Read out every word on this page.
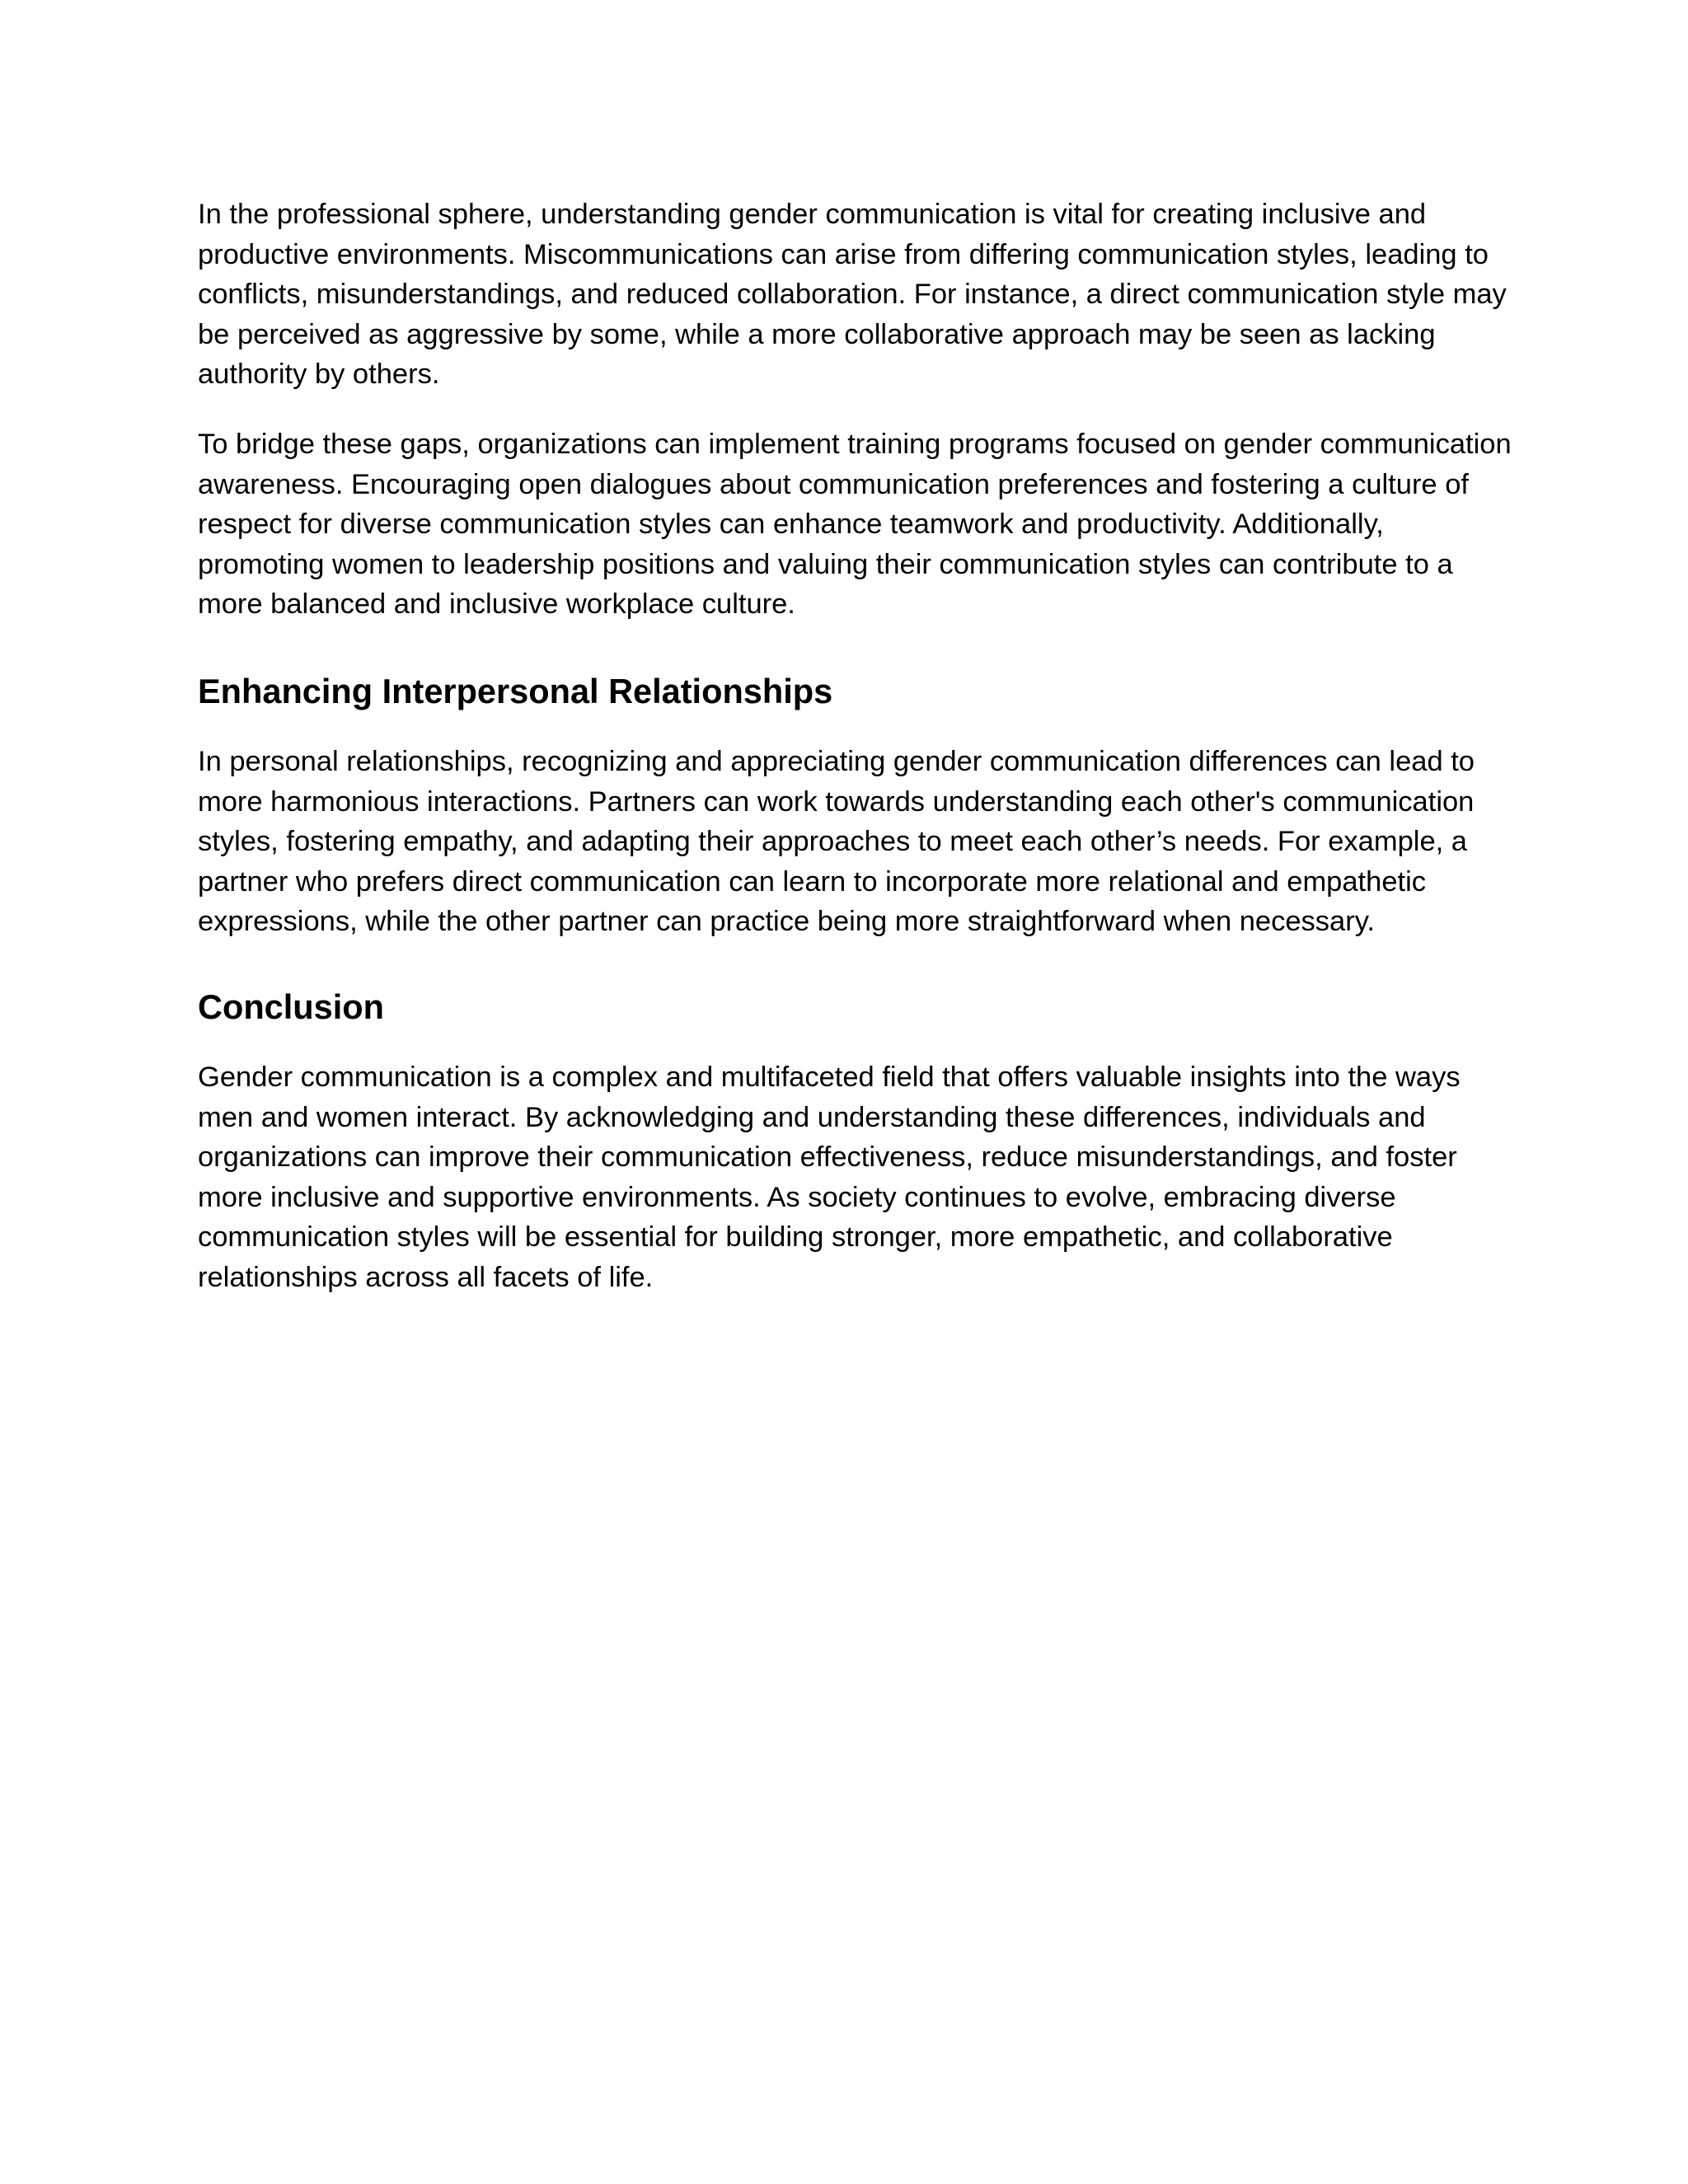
In the professional sphere, understanding gender communication is vital for creating inclusive and productive environments. Miscommunications can arise from differing communication styles, leading to conflicts, misunderstandings, and reduced collaboration. For instance, a direct communication style may be perceived as aggressive by some, while a more collaborative approach may be seen as lacking authority by others.

To bridge these gaps, organizations can implement training programs focused on gender communication awareness. Encouraging open dialogues about communication preferences and fostering a culture of respect for diverse communication styles can enhance teamwork and productivity. Additionally, promoting women to leadership positions and valuing their communication styles can contribute to a more balanced and inclusive workplace culture.

Enhancing Interpersonal Relationships

In personal relationships, recognizing and appreciating gender communication differences can lead to more harmonious interactions. Partners can work towards understanding each other's communication styles, fostering empathy, and adapting their approaches to meet each other’s needs. For example, a partner who prefers direct communication can learn to incorporate more relational and empathetic expressions, while the other partner can practice being more straightforward when necessary.

Conclusion

Gender communication is a complex and multifaceted field that offers valuable insights into the ways men and women interact. By acknowledging and understanding these differences, individuals and organizations can improve their communication effectiveness, reduce misunderstandings, and foster more inclusive and supportive environments. As society continues to evolve, embracing diverse communication styles will be essential for building stronger, more empathetic, and collaborative relationships across all facets of life.
